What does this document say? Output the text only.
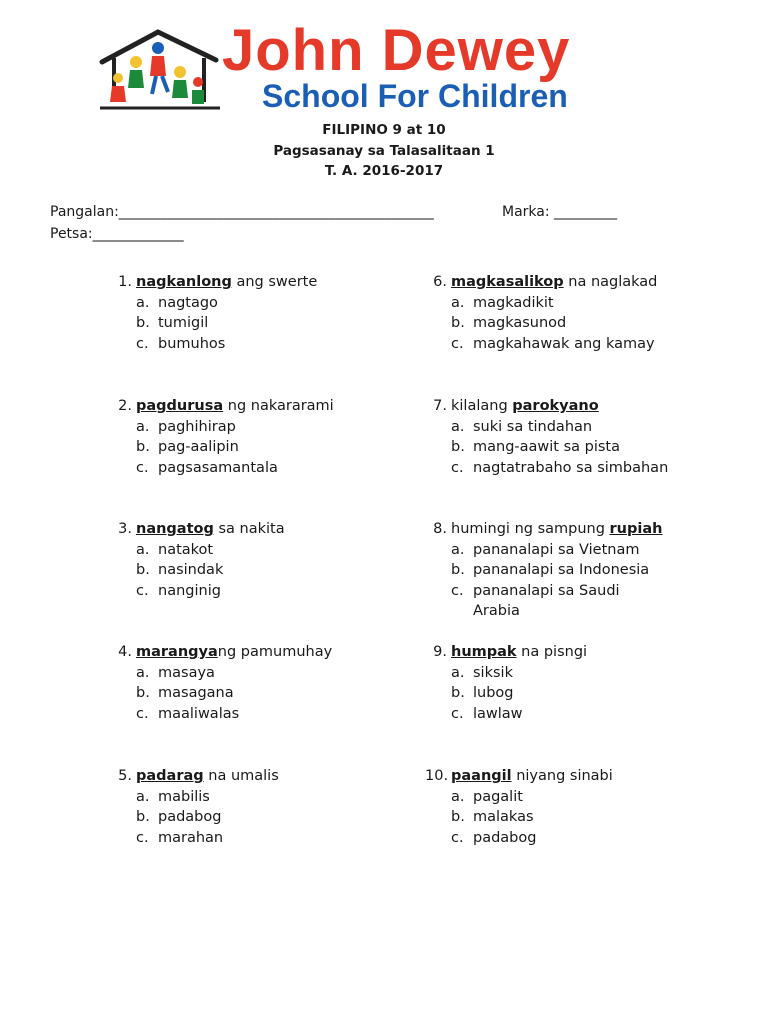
John Dewey
School For Children
FILIPINO 9 at 10
Pagsasanay sa Talasalitaan 1
T. A. 2016-2017
Pangalan:_____________________________________________	Marka: _________
Petsa:_____________
1. nagkanlong ang swerte
a. nagtago
b. tumigil
c. bumuhos
2. pagdurusa ng nakararami
a. paghihirap
b. pag-aalipin
c. pagsasamantala
3. nangatog sa nakita
a. natakot
b. nasindak
c. nanginig
4. marangyang pamumuhay
a. masaya
b. masagana
c. maaliwalas
5. padarag na umalis
a. mabilis
b. padabog
c. marahan
6. magkasalikop na naglakad
a. magkadikit
b. magkasunod
c. magkahawak ang kamay
7. kilalang parokyano
a. suki sa tindahan
b. mang-aawit sa pista
c. nagtatrabaho sa simbahan
8. humingi ng sampung rupiah
a. pananalapi sa Vietnam
b. pananalapi sa Indonesia
c. pananalapi sa Saudi
Arabia
9. humpak na pisngi
a. siksik
b. lubog
c. lawlaw
10. paangil niyang sinabi
a. pagalit
b. malakas
c. padabog
